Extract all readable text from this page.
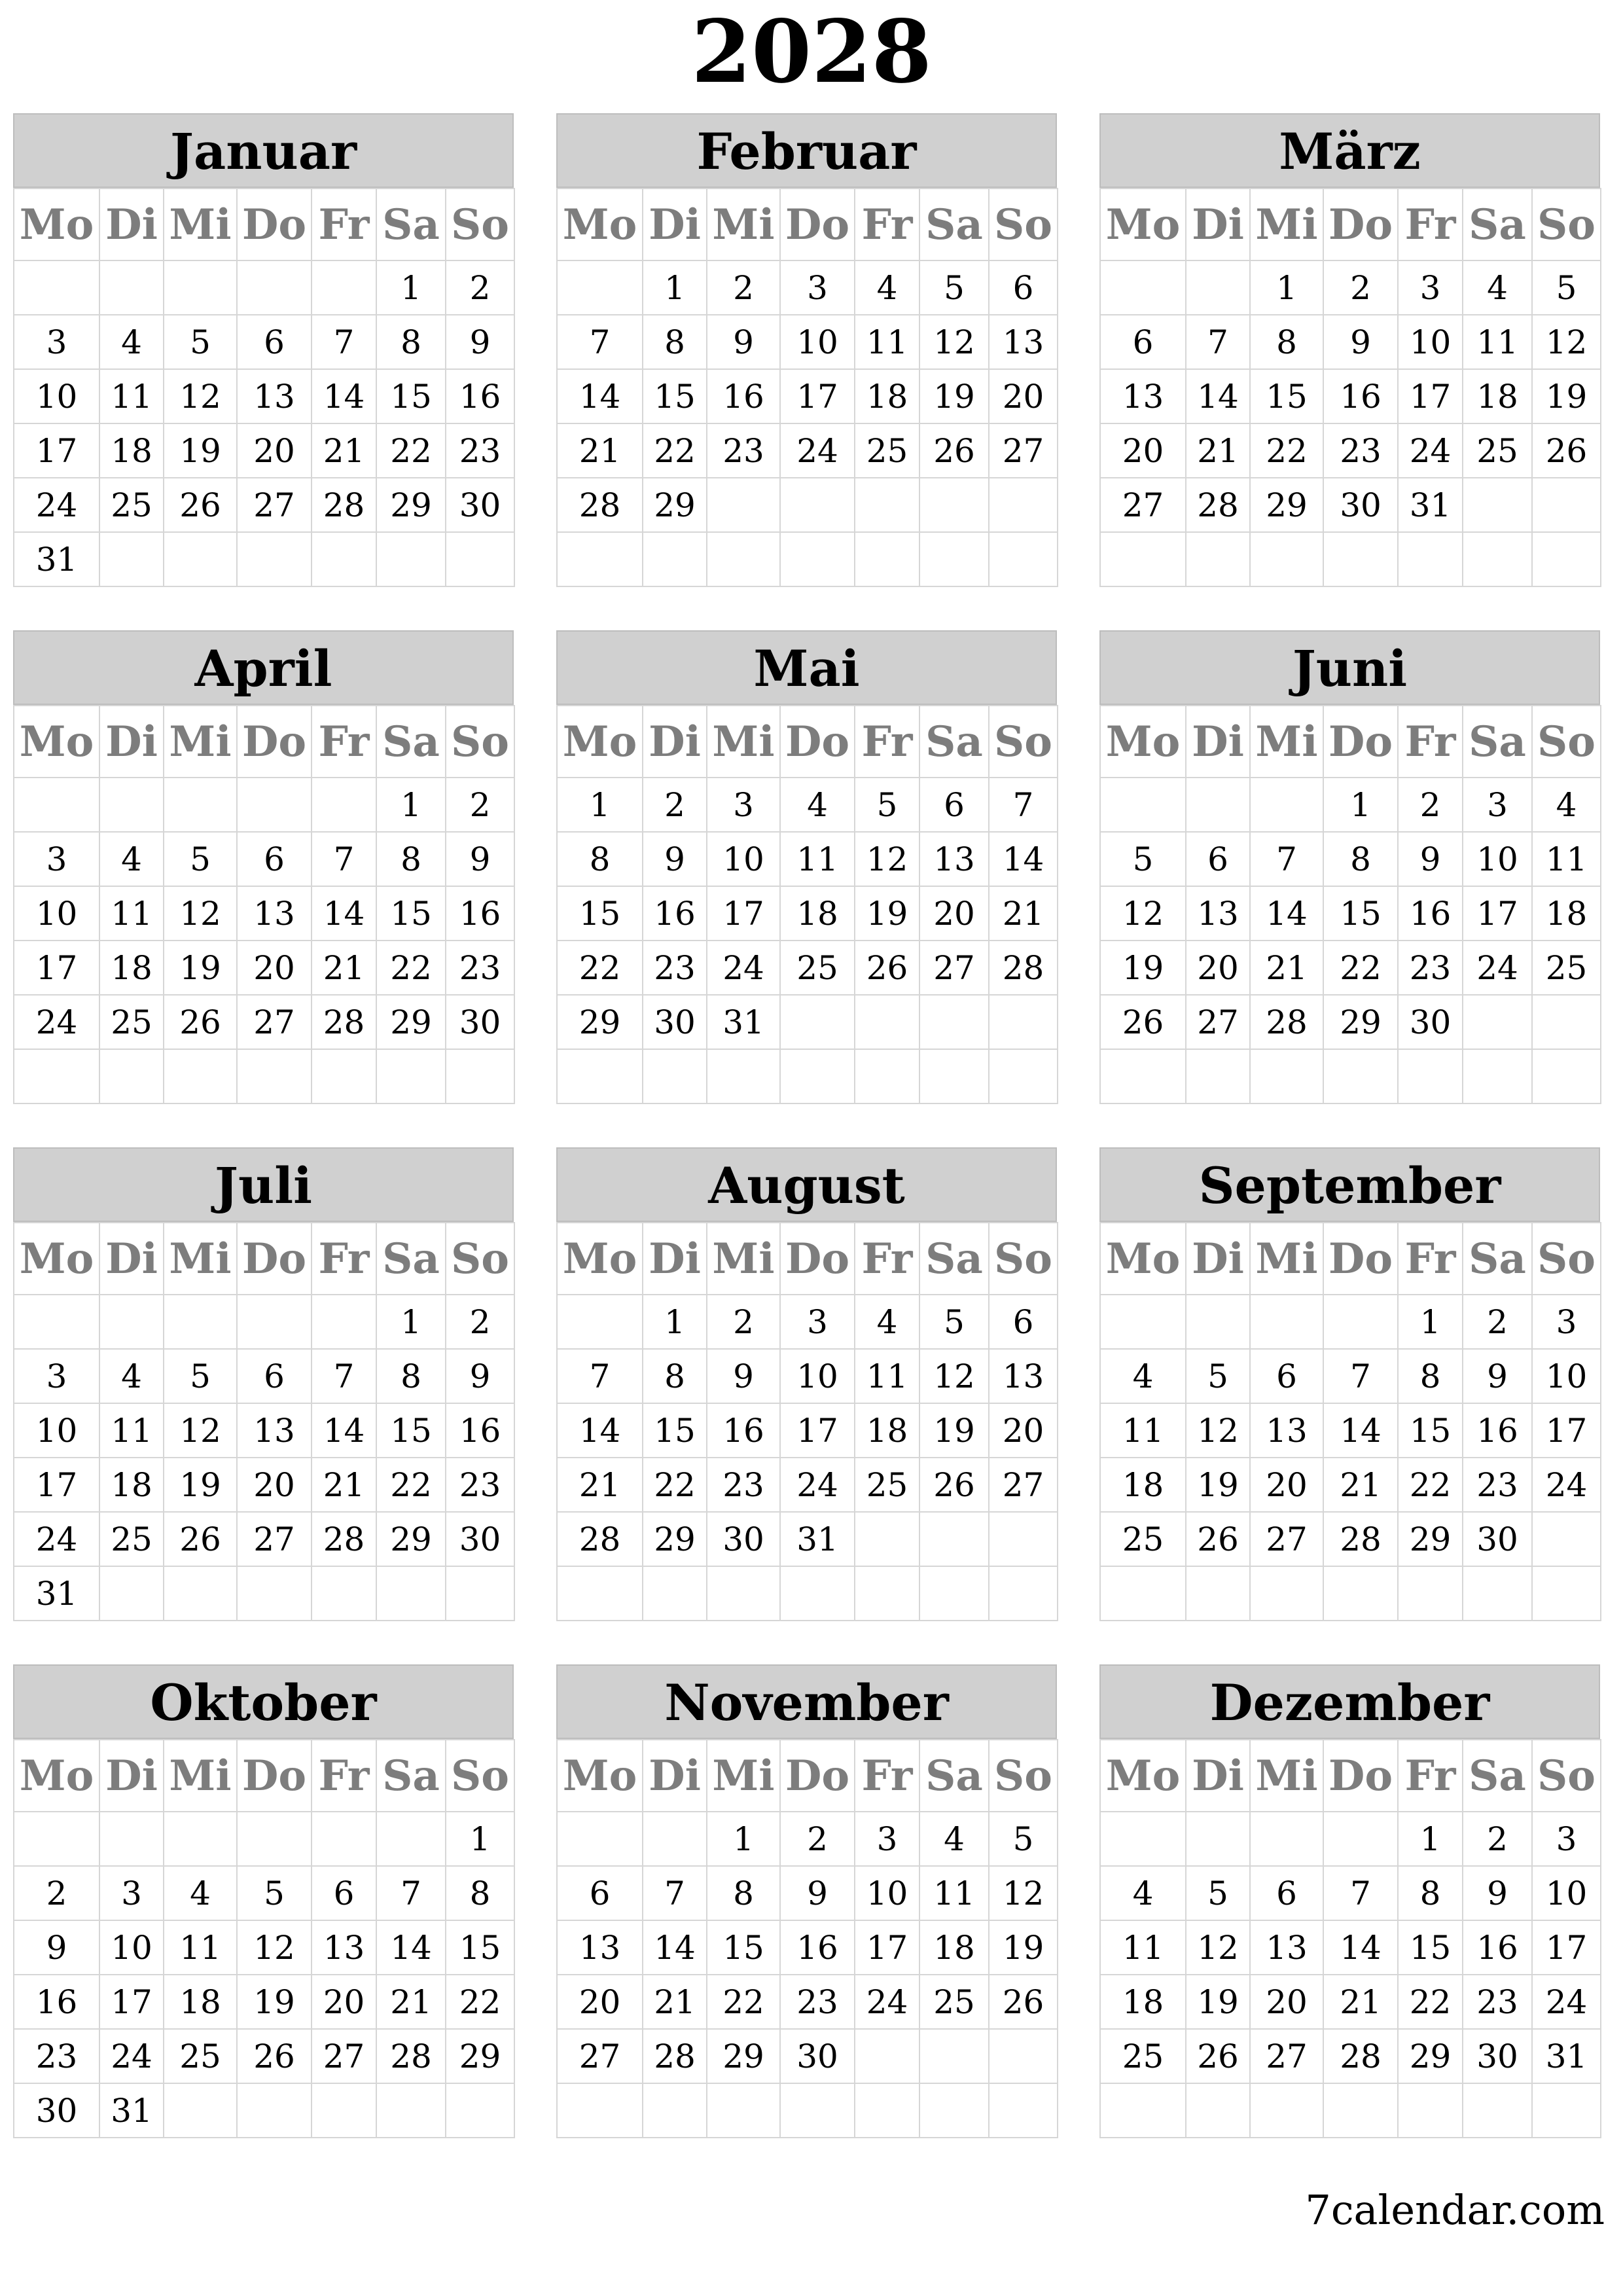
2028
Januar
Mo	Di	Mi	Do	Fr	Sa	So
					1	2
3	4	5	6	7	8	9
10	11	12	13	14	15	16
17	18	19	20	21	22	23
24	25	26	27	28	29	30
31						
Februar
Mo	Di	Mi	Do	Fr	Sa	So
	1	2	3	4	5	6
7	8	9	10	11	12	13
14	15	16	17	18	19	20
21	22	23	24	25	26	27
28	29					

März
Mo	Di	Mi	Do	Fr	Sa	So
		1	2	3	4	5
6	7	8	9	10	11	12
13	14	15	16	17	18	19
20	21	22	23	24	25	26
27	28	29	30	31		

April
Mo	Di	Mi	Do	Fr	Sa	So
					1	2
3	4	5	6	7	8	9
10	11	12	13	14	15	16
17	18	19	20	21	22	23
24	25	26	27	28	29	30

Mai
Mo	Di	Mi	Do	Fr	Sa	So
1	2	3	4	5	6	7
8	9	10	11	12	13	14
15	16	17	18	19	20	21
22	23	24	25	26	27	28
29	30	31				

Juni
Mo	Di	Mi	Do	Fr	Sa	So
			1	2	3	4
5	6	7	8	9	10	11
12	13	14	15	16	17	18
19	20	21	22	23	24	25
26	27	28	29	30		

Juli
Mo	Di	Mi	Do	Fr	Sa	So
					1	2
3	4	5	6	7	8	9
10	11	12	13	14	15	16
17	18	19	20	21	22	23
24	25	26	27	28	29	30
31						
August
Mo	Di	Mi	Do	Fr	Sa	So
	1	2	3	4	5	6
7	8	9	10	11	12	13
14	15	16	17	18	19	20
21	22	23	24	25	26	27
28	29	30	31			

September
Mo	Di	Mi	Do	Fr	Sa	So
				1	2	3
4	5	6	7	8	9	10
11	12	13	14	15	16	17
18	19	20	21	22	23	24
25	26	27	28	29	30	

Oktober
Mo	Di	Mi	Do	Fr	Sa	So
						1
2	3	4	5	6	7	8
9	10	11	12	13	14	15
16	17	18	19	20	21	22
23	24	25	26	27	28	29
30	31					
November
Mo	Di	Mi	Do	Fr	Sa	So
		1	2	3	4	5
6	7	8	9	10	11	12
13	14	15	16	17	18	19
20	21	22	23	24	25	26
27	28	29	30			

Dezember
Mo	Di	Mi	Do	Fr	Sa	So
				1	2	3
4	5	6	7	8	9	10
11	12	13	14	15	16	17
18	19	20	21	22	23	24
25	26	27	28	29	30	31

7calendar.com
